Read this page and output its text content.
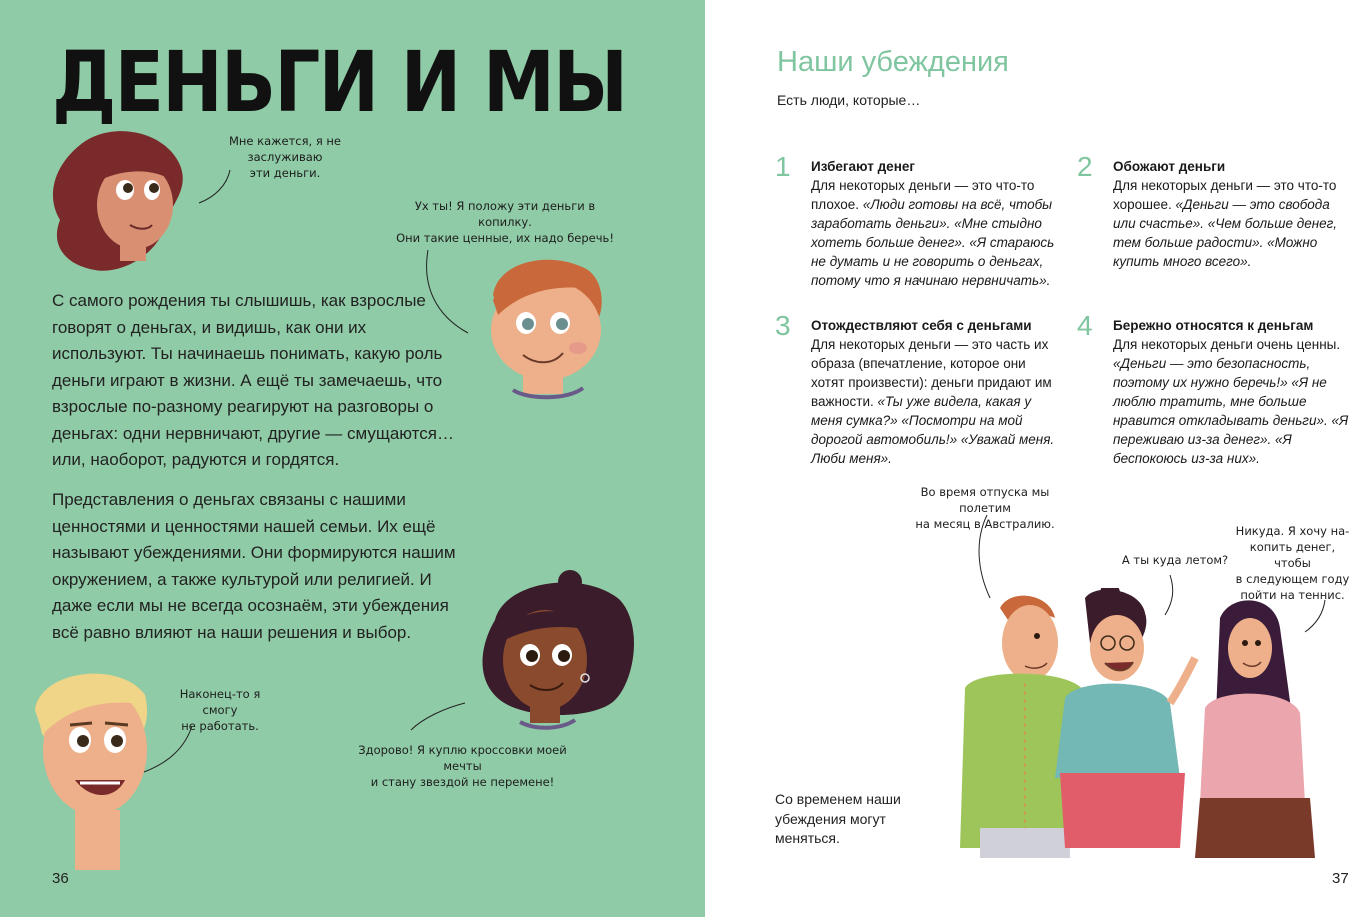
ДЕНЬГИ И МЫ
Мне кажется, я не заслуживаю
эти деньги.
Ух ты! Я положу эти деньги в копилку.
Они такие ценные, их надо беречь!

С самого рождения ты слышишь, как взрослые говорят о деньгах, и видишь, как они их используют. Ты начинаешь понимать, какую роль деньги играют в жизни. А ещё ты замечаешь, что взрослые по-разному реагируют на разговоры о деньгах: одни нервничают, другие — смущаются… или, наоборот, радуются и гордятся.

Представления о деньгах связаны с нашими ценностями и ценностями нашей семьи. Их ещё называют убеждениями. Они формируются нашим окружением, а также культурой или религией. И даже если мы не всегда осознаём, эти убеждения всё равно влияют на наши решения и выбор.

Здорово! Я куплю кроссовки моей мечты
и стану звездой не перемене!
Наконец-то я смогу
не работать.
36
Наши убеждения
Есть люди, которые…
1 Избегают денег
Для некоторых деньги — это что-то плохое. «Люди готовы на всё, чтобы заработать деньги». «Мне стыдно хотеть больше денег». «Я стараюсь не думать и не говорить о деньгах, потому что я начинаю нервничать».
2 Обожают деньги
Для некоторых деньги — это что-то хорошее. «Деньги — это свобода или счастье». «Чем больше денег, тем больше радости». «Можно купить много всего».
3 Отождествляют себя с деньгами
Для некоторых деньги — это часть их образа (впечатление, которое они хотят произвести): деньги придают им важности. «Ты уже видела, какая у меня сумка?» «Посмотри на мой дорогой автомобиль!» «Уважай меня. Люби меня».
4 Бережно относятся к деньгам
Для некоторых деньги очень ценны. «Деньги — это безопасность, поэтому их нужно беречь!» «Я не люблю тратить, мне больше нравится откладывать деньги». «Я переживаю из-за денег». «Я беспокоюсь из-за них».
Во время отпуска мы полетим
на месяц в Австралию.
А ты куда летом?
Никуда. Я хочу на-
копить денег, чтобы
в следующем году
пойти на теннис.
Со временем наши
убеждения могут
меняться.
37
